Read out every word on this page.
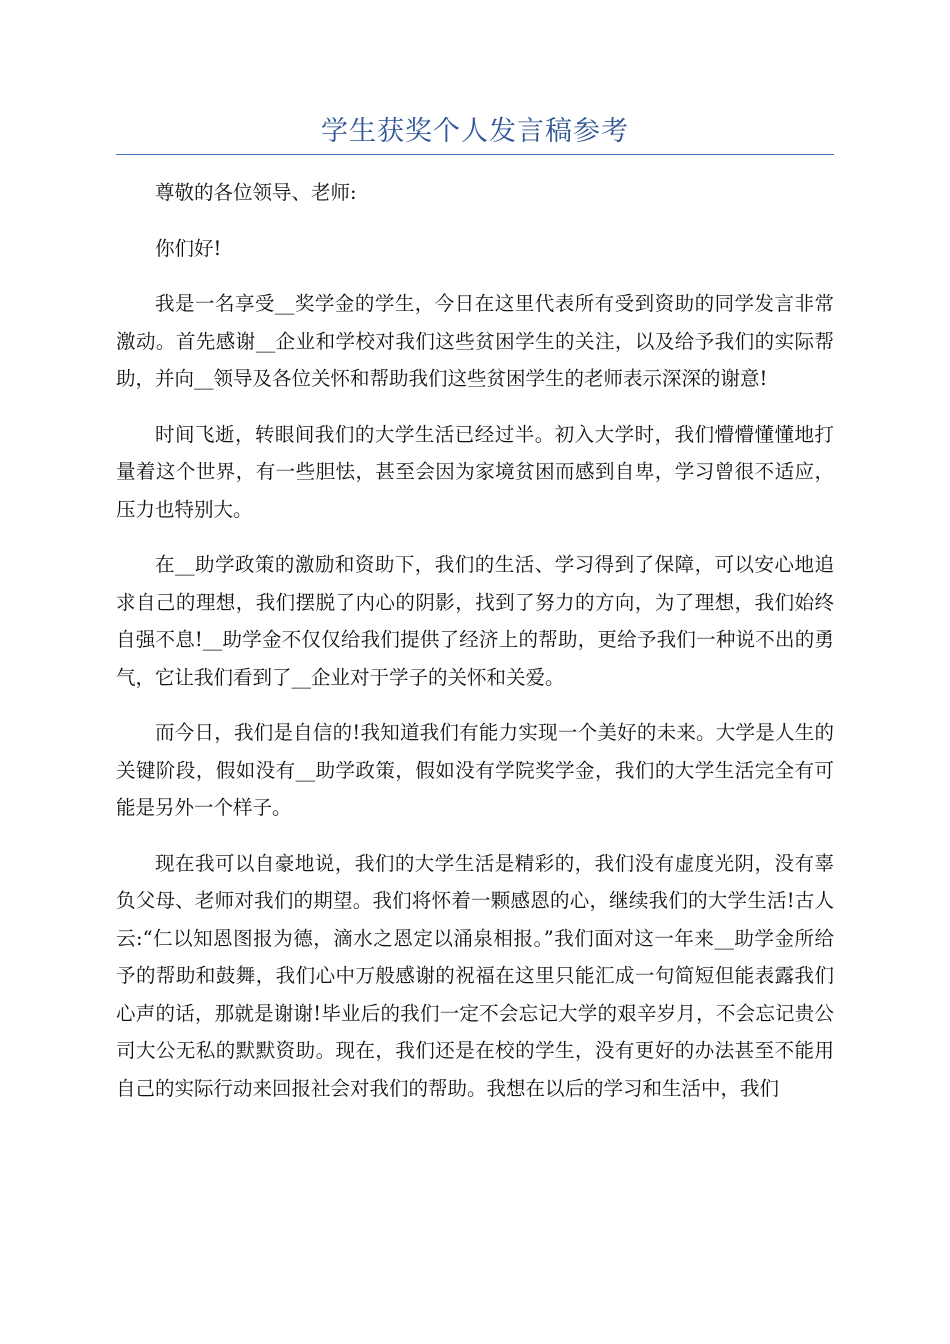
学生获奖个人发言稿参考

尊敬的各位领导、老师:

你们好!

我是一名享受__奖学金的学生，今日在这里代表所有受到资助的同学发言非常激动。首先感谢__企业和学校对我们这些贫困学生的关注，以及给予我们的实际帮助，并向__领导及各位关怀和帮助我们这些贫困学生的老师表示深深的谢意!

时间飞逝，转眼间我们的大学生活已经过半。初入大学时，我们懵懵懂懂地打量着这个世界，有一些胆怯，甚至会因为家境贫困而感到自卑，学习曾很不适应，压力也特别大。

在__助学政策的激励和资助下，我们的生活、学习得到了保障，可以安心地追求自己的理想，我们摆脱了内心的阴影，找到了努力的方向，为了理想，我们始终自强不息!__助学金不仅仅给我们提供了经济上的帮助，更给予我们一种说不出的勇气，它让我们看到了__企业对于学子的关怀和关爱。

而今日，我们是自信的!我知道我们有能力实现一个美好的未来。大学是人生的关键阶段，假如没有__助学政策，假如没有学院奖学金，我们的大学生活完全有可能是另外一个样子。

现在我可以自豪地说，我们的大学生活是精彩的，我们没有虚度光阴，没有辜负父母、老师对我们的期望。我们将怀着一颗感恩的心，继续我们的大学生活!古人云:“仁以知恩图报为德，滴水之恩定以涌泉相报。”我们面对这一年来__助学金所给予的帮助和鼓舞，我们心中万般感谢的祝福在这里只能汇成一句简短但能表露我们心声的话，那就是谢谢!毕业后的我们一定不会忘记大学的艰辛岁月，不会忘记贵公司大公无私的默默资助。现在，我们还是在校的学生，没有更好的办法甚至不能用自己的实际行动来回报社会对我们的帮助。我想在以后的学习和生活中，我们
